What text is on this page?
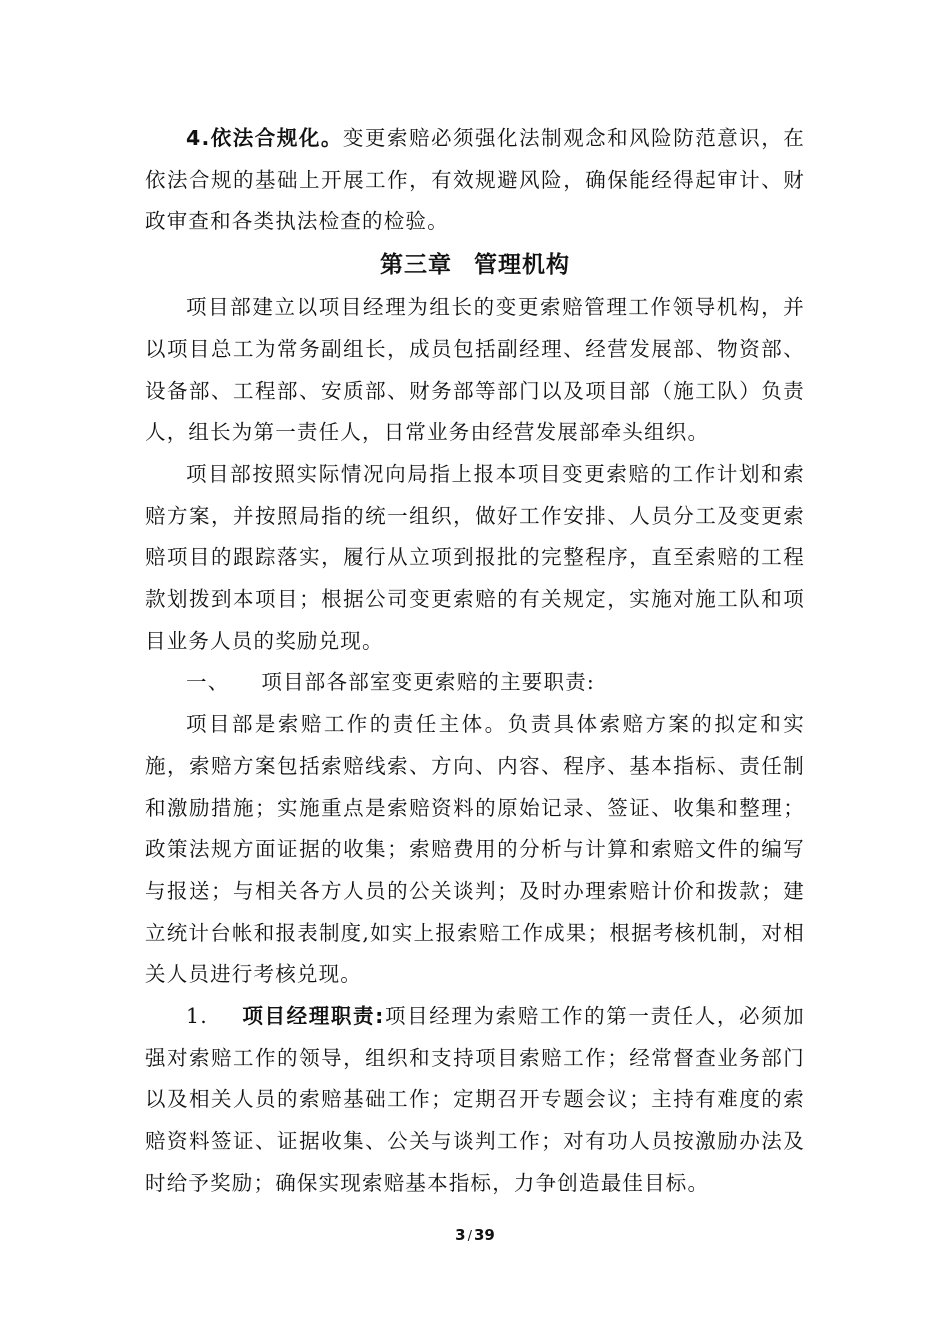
4.依法合规化。变更索赔必须强化法制观念和风险防范意识，在依法合规的基础上开展工作，有效规避风险，确保能经得起审计、财政审查和各类执法检查的检验。

第三章 管理机构

项目部建立以项目经理为组长的变更索赔管理工作领导机构，并以项目总工为常务副组长，成员包括副经理、经营发展部、物资部、设备部、工程部、安质部、财务部等部门以及项目部（施工队）负责人，组长为第一责任人，日常业务由经营发展部牵头组织。

项目部按照实际情况向局指上报本项目变更索赔的工作计划和索赔方案，并按照局指的统一组织，做好工作安排、人员分工及变更索赔项目的跟踪落实，履行从立项到报批的完整程序，直至索赔的工程款划拨到本项目；根据公司变更索赔的有关规定，实施对施工队和项目业务人员的奖励兑现。

一、 项目部各部室变更索赔的主要职责:

项目部是索赔工作的责任主体。负责具体索赔方案的拟定和实施，索赔方案包括索赔线索、方向、内容、程序、基本指标、责任制和激励措施；实施重点是索赔资料的原始记录、签证、收集和整理；政策法规方面证据的收集；索赔费用的分析与计算和索赔文件的编写与报送；与相关各方人员的公关谈判；及时办理索赔计价和拨款；建立统计台帐和报表制度,如实上报索赔工作成果；根据考核机制，对相关人员进行考核兑现。

1. 项目经理职责:项目经理为索赔工作的第一责任人，必须加强对索赔工作的领导，组织和支持项目索赔工作；经常督查业务部门以及相关人员的索赔基础工作；定期召开专题会议；主持有难度的索赔资料签证、证据收集、公关与谈判工作；对有功人员按激励办法及时给予奖励；确保实现索赔基本指标，力争创造最佳目标。

3 / 39
